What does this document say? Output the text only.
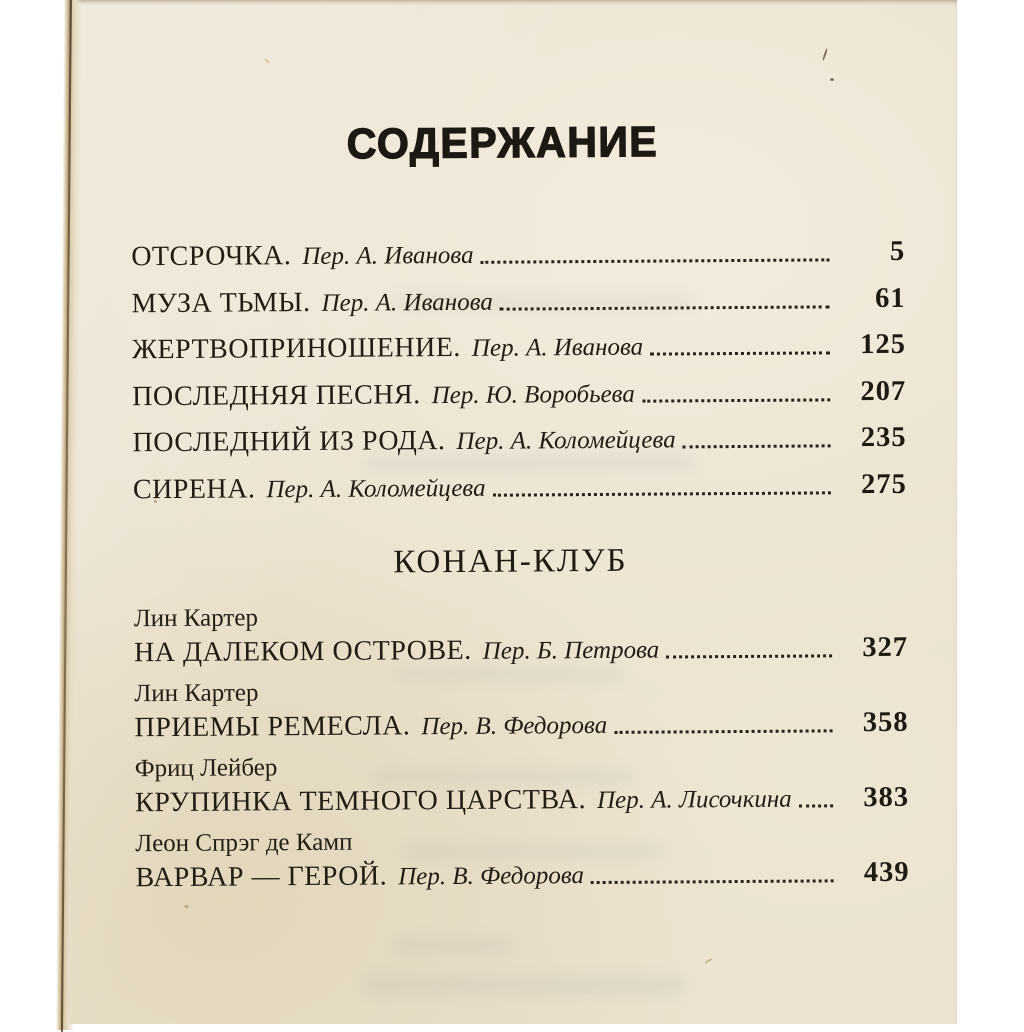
СОДЕРЖАНИЕ
ОТСРОЧКА. Пер. А. Иванова	5
МУЗА ТЬМЫ. Пер. А. Иванова	61
ЖЕРТВОПРИНОШЕНИЕ. Пер. А. Иванова	125
ПОСЛЕДНЯЯ ПЕСНЯ. Пер. Ю. Воробьева	207
ПОСЛЕДНИЙ ИЗ РОДА. Пер. А. Коломейцева	235
СИРЕНА. Пер. А. Коломейцева	275
КОНАН-КЛУБ
Лин Картер
НА ДАЛЕКОМ ОСТРОВЕ. Пер. Б. Петрова	327
Лин Картер
ПРИЕМЫ РЕМЕСЛА. Пер. В. Федорова	358
Фриц Лейбер
КРУПИНКА ТЕМНОГО ЦАРСТВА. Пер. А. Лисочкина	383
Леон Спрэг де Камп
ВАРВАР — ГЕРОЙ. Пер. В. Федорова	439
